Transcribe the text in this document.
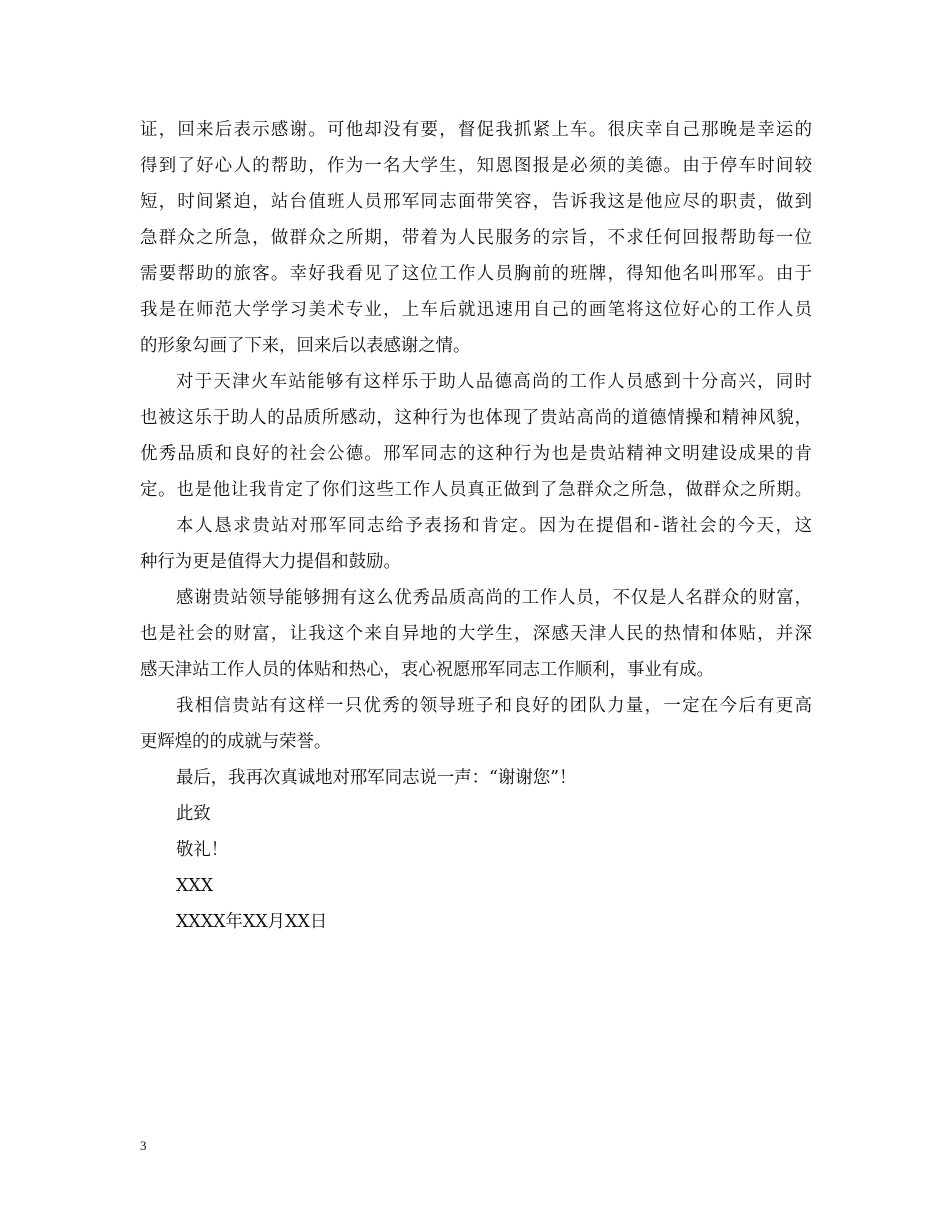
证，回来后表示感谢。可他却没有要，督促我抓紧上车。很庆幸自己那晚是幸运的
得到了好心人的帮助，作为一名大学生，知恩图报是必须的美德。由于停车时间较
短，时间紧迫，站台值班人员邢军同志面带笑容，告诉我这是他应尽的职责，做到
急群众之所急，做群众之所期，带着为人民服务的宗旨，不求任何回报帮助每一位
需要帮助的旅客。幸好我看见了这位工作人员胸前的班牌，得知他名叫邢军。由于
我是在师范大学学习美术专业，上车后就迅速用自己的画笔将这位好心的工作人员
的形象勾画了下来，回来后以表感谢之情。
对于天津火车站能够有这样乐于助人品德高尚的工作人员感到十分高兴，同时
也被这乐于助人的品质所感动，这种行为也体现了贵站高尚的道德情操和精神风貌，
优秀品质和良好的社会公德。邢军同志的这种行为也是贵站精神文明建设成果的肯
定。也是他让我肯定了你们这些工作人员真正做到了急群众之所急，做群众之所期。
本人恳求贵站对邢军同志给予表扬和肯定。因为在提倡和-谐社会的今天，这
种行为更是值得大力提倡和鼓励。
感谢贵站领导能够拥有这么优秀品质高尚的工作人员，不仅是人名群众的财富，
也是社会的财富，让我这个来自异地的大学生，深感天津人民的热情和体贴，并深
感天津站工作人员的体贴和热心，衷心祝愿邢军同志工作顺利，事业有成。
我相信贵站有这样一只优秀的领导班子和良好的团队力量，一定在今后有更高
更辉煌的的成就与荣誉。
最后，我再次真诚地对邢军同志说一声：“谢谢您”！
此致
敬礼！
XXX
XXXX年XX月XX日
3
